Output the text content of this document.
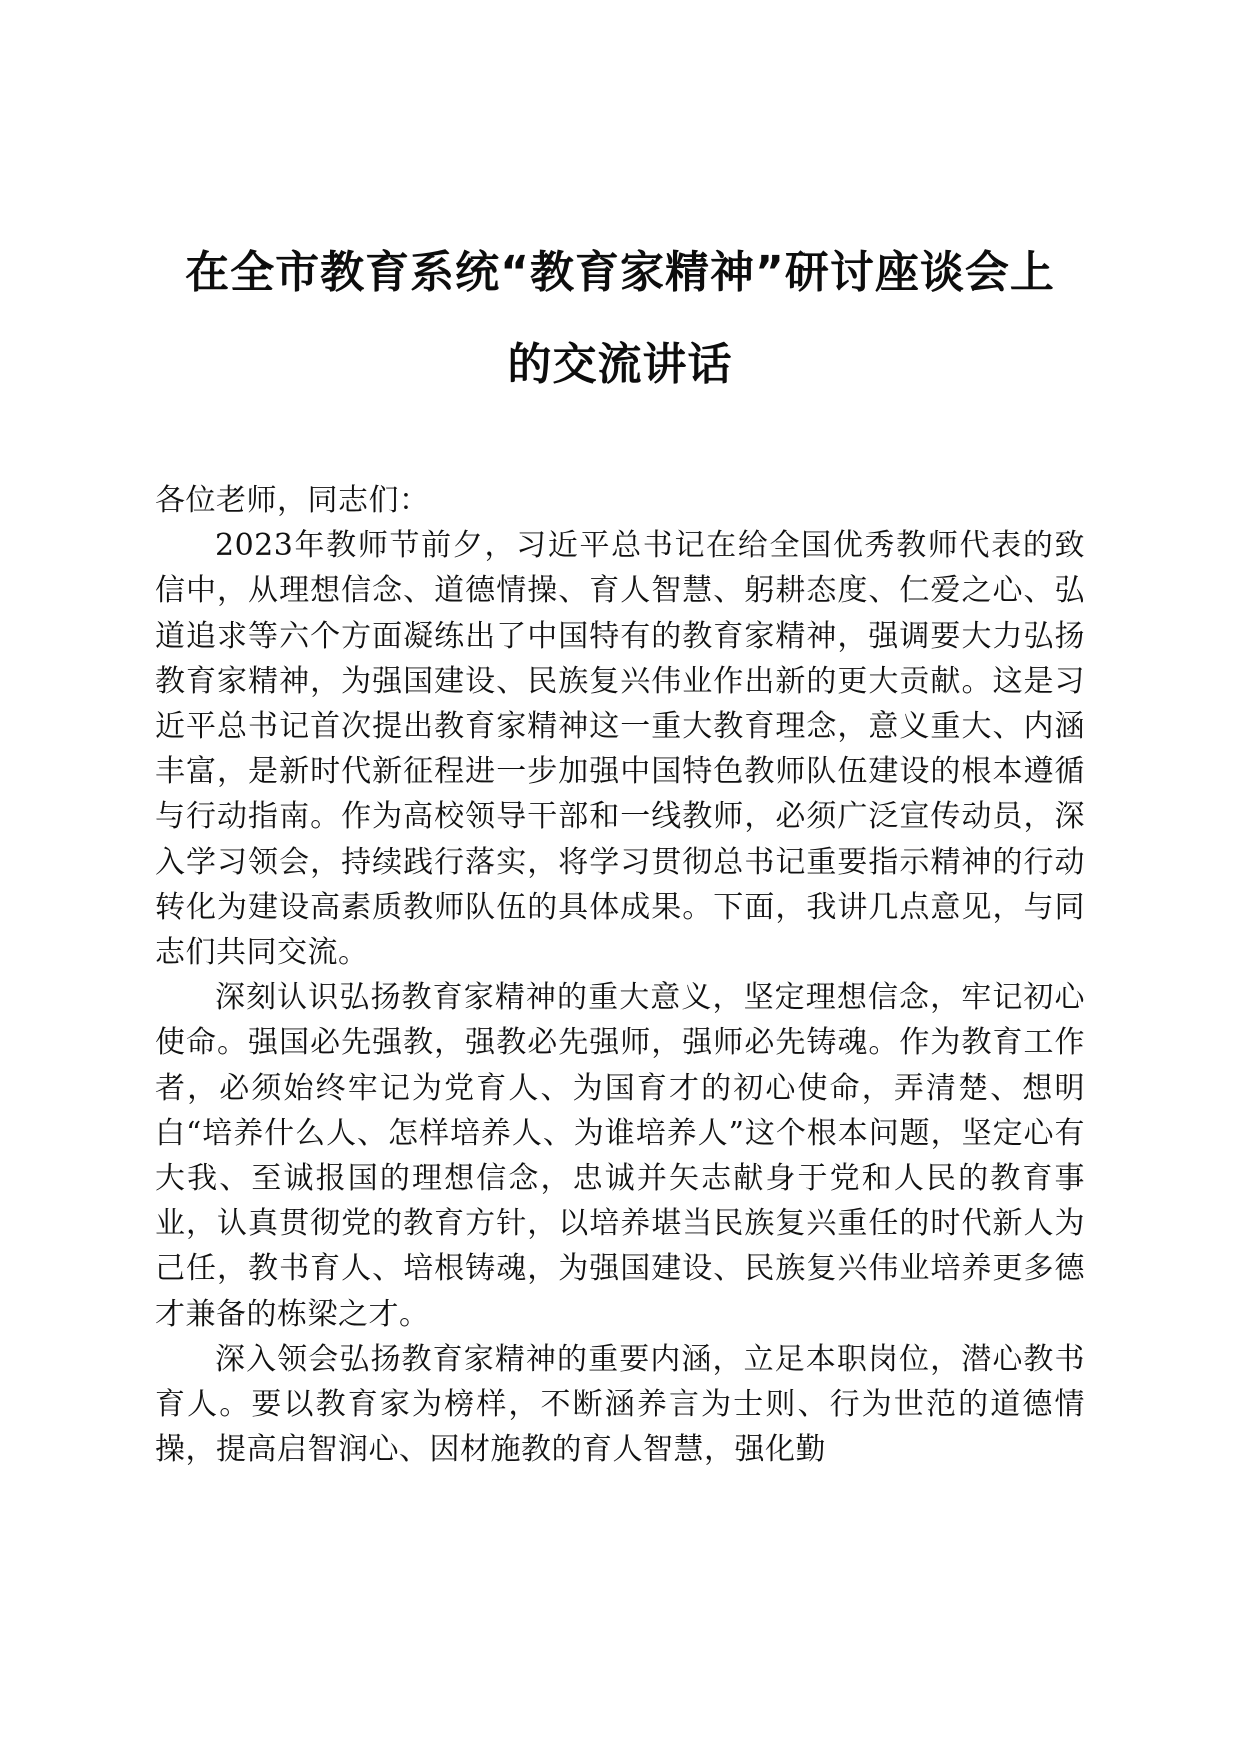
在全市教育系统“教育家精神”研讨座谈会上
的交流讲话

各位老师，同志们：

2023年教师节前夕，习近平总书记在给全国优秀教师代表的致信中，从理想信念、道德情操、育人智慧、躬耕态度、仁爱之心、弘道追求等六个方面凝练出了中国特有的教育家精神，强调要大力弘扬教育家精神，为强国建设、民族复兴伟业作出新的更大贡献。这是习近平总书记首次提出教育家精神这一重大教育理念，意义重大、内涵丰富，是新时代新征程进一步加强中国特色教师队伍建设的根本遵循与行动指南。作为高校领导干部和一线教师，必须广泛宣传动员，深入学习领会，持续践行落实，将学习贯彻总书记重要指示精神的行动转化为建设高素质教师队伍的具体成果。下面，我讲几点意见，与同志们共同交流。

深刻认识弘扬教育家精神的重大意义，坚定理想信念，牢记初心使命。强国必先强教，强教必先强师，强师必先铸魂。作为教育工作者，必须始终牢记为党育人、为国育才的初心使命，弄清楚、想明白“培养什么人、怎样培养人、为谁培养人”这个根本问题，坚定心有大我、至诚报国的理想信念，忠诚并矢志献身于党和人民的教育事业，认真贯彻党的教育方针，以培养堪当民族复兴重任的时代新人为己任，教书育人、培根铸魂，为强国建设、民族复兴伟业培养更多德才兼备的栋梁之才。

深入领会弘扬教育家精神的重要内涵，立足本职岗位，潜心教书育人。要以教育家为榜样，不断涵养言为士则、行为世范的道德情操，提高启智润心、因材施教的育人智慧，强化勤
